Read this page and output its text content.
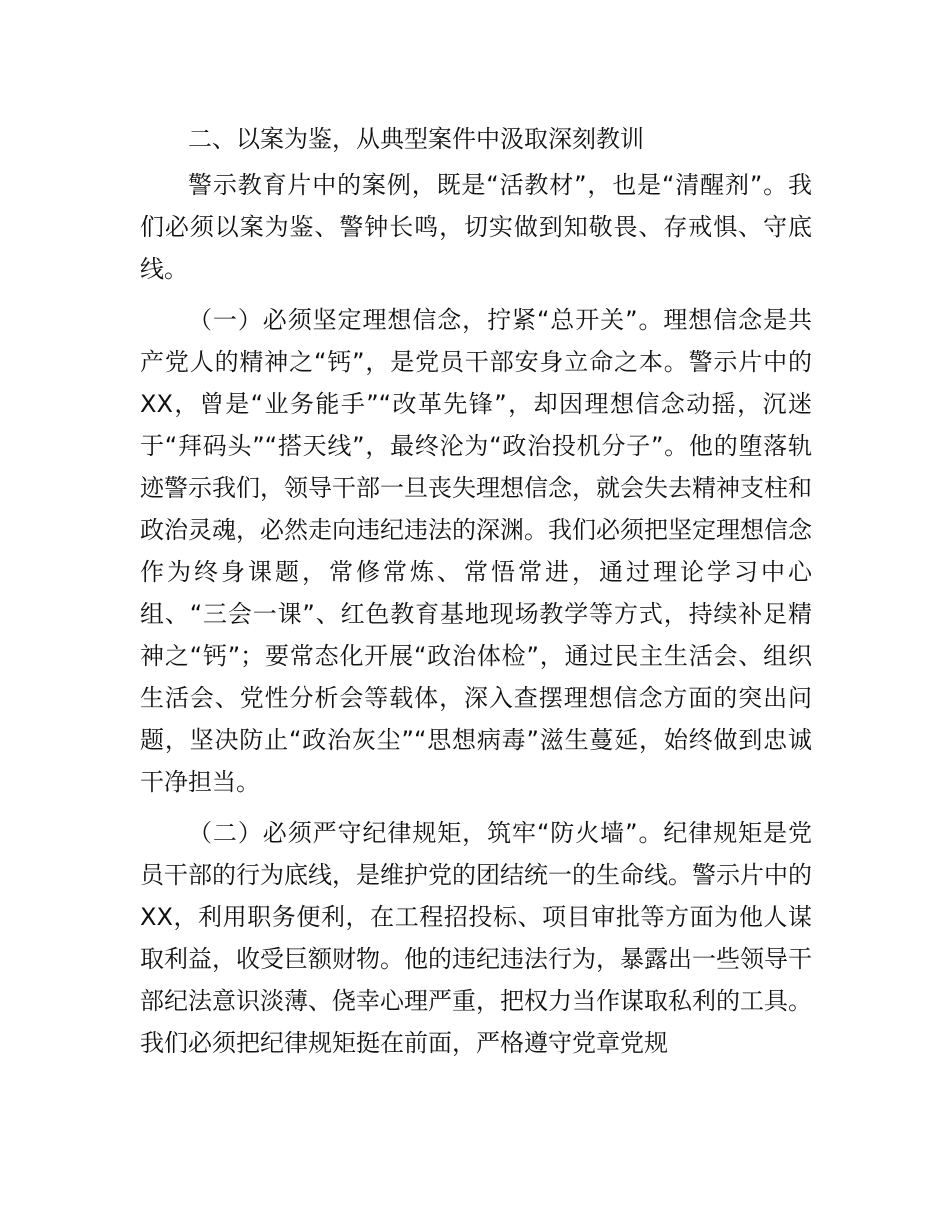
二、以案为鉴，从典型案件中汲取深刻教训

警示教育片中的案例，既是“活教材”，也是“清醒剂”。我们必须以案为鉴、警钟长鸣，切实做到知敬畏、存戒惧、守底线。

（一）必须坚定理想信念，拧紧“总开关”。理想信念是共产党人的精神之“钙”，是党员干部安身立命之本。警示片中的XX，曾是“业务能手”“改革先锋”，却因理想信念动摇，沉迷于“拜码头”“搭天线”，最终沦为“政治投机分子”。他的堕落轨迹警示我们，领导干部一旦丧失理想信念，就会失去精神支柱和政治灵魂，必然走向违纪违法的深渊。我们必须把坚定理想信念作为终身课题，常修常炼、常悟常进，通过理论学习中心组、“三会一课”、红色教育基地现场教学等方式，持续补足精神之“钙”；要常态化开展“政治体检”，通过民主生活会、组织生活会、党性分析会等载体，深入查摆理想信念方面的突出问题，坚决防止“政治灰尘”“思想病毒”滋生蔓延，始终做到忠诚干净担当。

（二）必须严守纪律规矩，筑牢“防火墙”。纪律规矩是党员干部的行为底线，是维护党的团结统一的生命线。警示片中的XX，利用职务便利，在工程招投标、项目审批等方面为他人谋取利益，收受巨额财物。他的违纪违法行为，暴露出一些领导干部纪法意识淡薄、侥幸心理严重，把权力当作谋取私利的工具。我们必须把纪律规矩挺在前面，严格遵守党章党规
